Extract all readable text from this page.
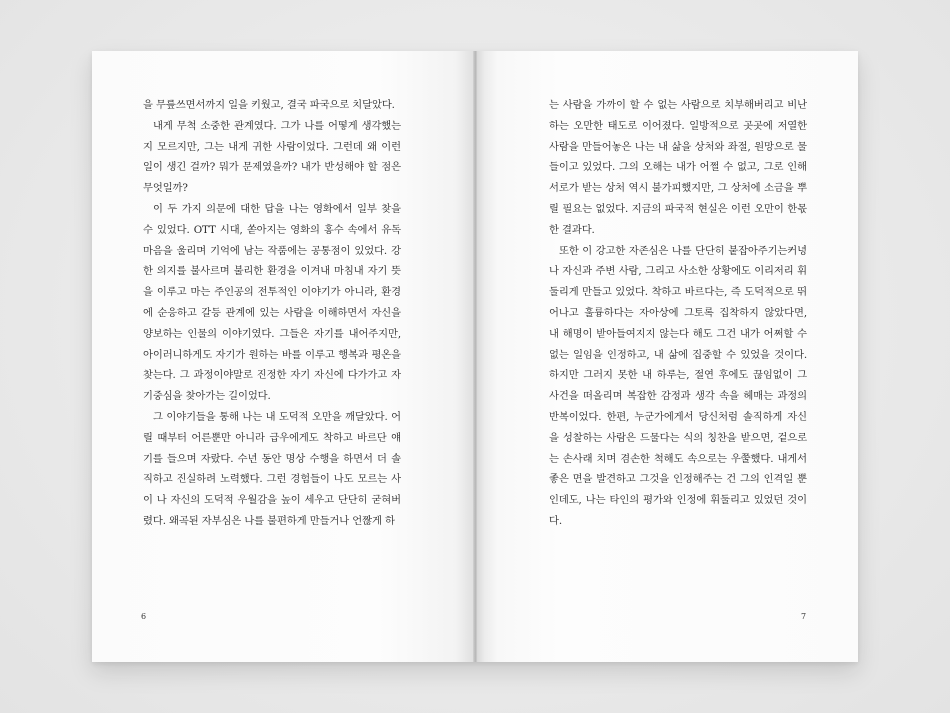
을 무릎쓰면서까지 일을 키웠고, 결국 파국으로 치달았다.

내게 무척 소중한 관계였다. 그가 나를 어떻게 생각했는지 모르지만, 그는 내게 귀한 사람이었다. 그런데 왜 이런 일이 생긴 걸까? 뭐가 문제였을까? 내가 반성해야 할 점은 무엇일까?

이 두 가지 의문에 대한 답을 나는 영화에서 일부 찾을 수 있었다. OTT 시대, 쏟아지는 영화의 홍수 속에서 유독 마음을 울리며 기억에 남는 작품에는 공통점이 있었다. 강한 의지를 불사르며 불리한 환경을 이겨내 마침내 자기 뜻을 이루고 마는 주인공의 전투적인 이야기가 아니라, 환경에 순응하고 갈등 관계에 있는 사람을 이해하면서 자신을 양보하는 인물의 이야기였다. 그들은 자기를 내어주지만, 아이러니하게도 자기가 원하는 바를 이루고 행복과 평온을 찾는다. 그 과정이야말로 진정한 자기 자신에 다가가고 자기중심을 찾아가는 길이었다.

그 이야기들을 통해 나는 내 도덕적 오만을 깨달았다. 어릴 때부터 어른뿐만 아니라 급우에게도 착하고 바르단 얘기를 들으며 자랐다. 수년 동안 명상 수행을 하면서 더 솔직하고 진실하려 노력했다. 그런 경험들이 나도 모르는 사이 나 자신의 도덕적 우월감을 높이 세우고 단단히 굳혀버렸다. 왜곡된 자부심은 나를 불편하게 만들거나 언짢게 하

6

는 사람을 가까이 할 수 없는 사람으로 치부해버리고 비난하는 오만한 태도로 이어졌다. 일방적으로 곳곳에 저열한 사람을 만들어놓은 나는 내 삶을 상처와 좌절, 원망으로 물들이고 있었다. 그의 오해는 내가 어쩔 수 없고, 그로 인해 서로가 받는 상처 역시 불가피했지만, 그 상처에 소금을 뿌릴 필요는 없었다. 지금의 파국적 현실은 이런 오만이 한몫한 결과다.

또한 이 강고한 자존심은 나를 단단히 붙잡아주기는커녕 나 자신과 주변 사람, 그리고 사소한 상황에도 이리저리 휘둘리게 만들고 있었다. 착하고 바르다는, 즉 도덕적으로 뛰어나고 훌륭하다는 자아상에 그토록 집착하지 않았다면, 내 해명이 받아들여지지 않는다 해도 그건 내가 어쩌할 수 없는 일임을 인정하고, 내 삶에 집중할 수 있었을 것이다. 하지만 그러지 못한 내 하루는, 절연 후에도 끊임없이 그 사건을 떠올리며 복잡한 감정과 생각 속을 헤매는 과정의 반복이었다. 한편, 누군가에게서 당신처럼 솔직하게 자신을 성찰하는 사람은 드물다는 식의 칭찬을 받으면, 겉으로는 손사래 치며 겸손한 척해도 속으로는 우쭐했다. 내게서 좋은 면을 발견하고 그것을 인정해주는 건 그의 인격일 뿐인데도, 나는 타인의 평가와 인정에 휘둘리고 있었던 것이다.

7
